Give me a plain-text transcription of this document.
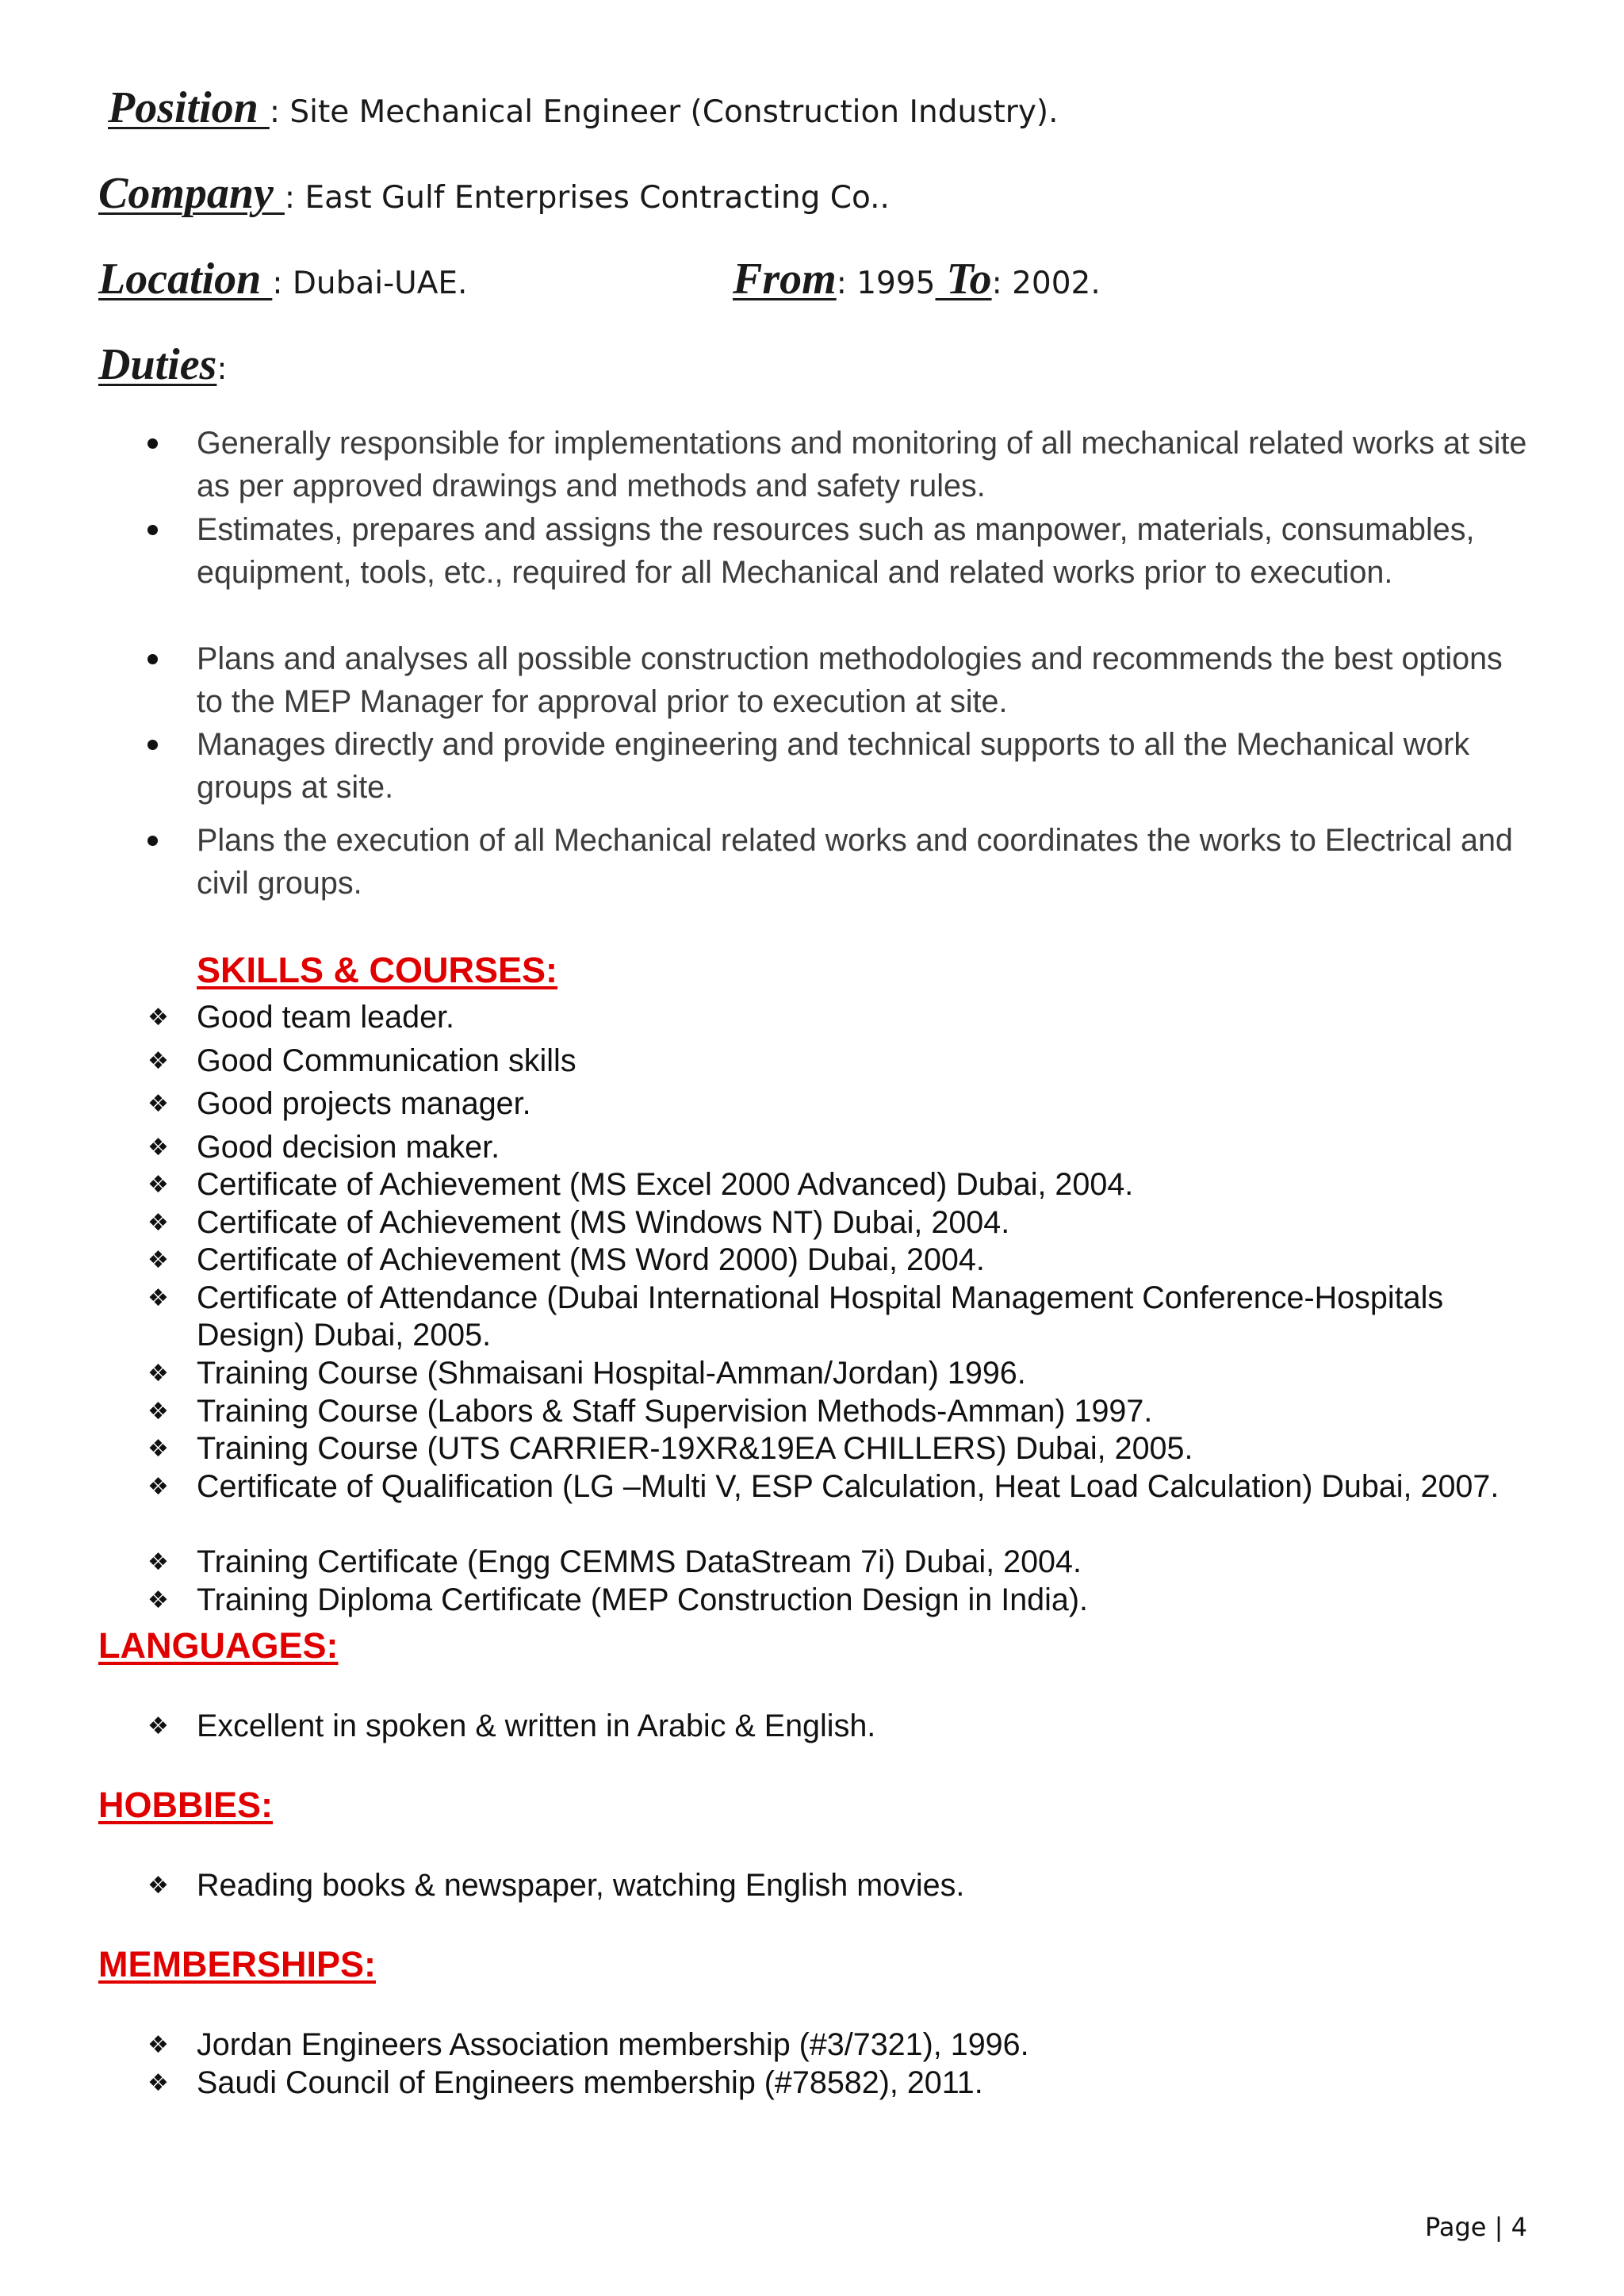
Position : Site Mechanical Engineer (Construction Industry).
Company : East Gulf Enterprises Contracting Co..
Location : Dubai-UAE.	From: 1995 To: 2002.
Duties:
Generally responsible for implementations and monitoring of all mechanical related works at site as per approved drawings and methods and safety rules.
Estimates, prepares and assigns the resources such as manpower, materials, consumables, equipment, tools, etc., required for all Mechanical and related works prior to execution.
Plans and analyses all possible construction methodologies and recommends the best options to the MEP Manager for approval prior to execution at site.
Manages directly and provide engineering and technical supports to all the Mechanical work groups at site.
Plans the execution of all Mechanical related works and coordinates the works to Electrical and civil groups.
SKILLS & COURSES:
❖ Good team leader.
❖ Good Communication skills
❖ Good projects manager.
❖ Good decision maker.
❖ Certificate of Achievement (MS Excel 2000 Advanced) Dubai, 2004.
❖ Certificate of Achievement (MS Windows NT) Dubai, 2004.
❖ Certificate of Achievement (MS Word 2000) Dubai, 2004.
❖ Certificate of Attendance (Dubai International Hospital Management Conference-Hospitals Design) Dubai, 2005.
❖ Training Course (Shmaisani Hospital-Amman/Jordan) 1996.
❖ Training Course (Labors & Staff Supervision Methods-Amman) 1997.
❖ Training Course (UTS CARRIER-19XR&19EA CHILLERS) Dubai, 2005.
❖ Certificate of Qualification (LG –Multi V, ESP Calculation, Heat Load Calculation) Dubai, 2007.
❖ Training Certificate (Engg CEMMS DataStream 7i) Dubai, 2004.
❖ Training Diploma Certificate (MEP Construction Design in India).
LANGUAGES:
❖ Excellent in spoken & written in Arabic & English.
HOBBIES:
❖ Reading books & newspaper, watching English movies.
MEMBERSHIPS:
❖ Jordan Engineers Association membership (#3/7321), 1996.
❖ Saudi Council of Engineers membership (#78582), 2011.
Page | 4
